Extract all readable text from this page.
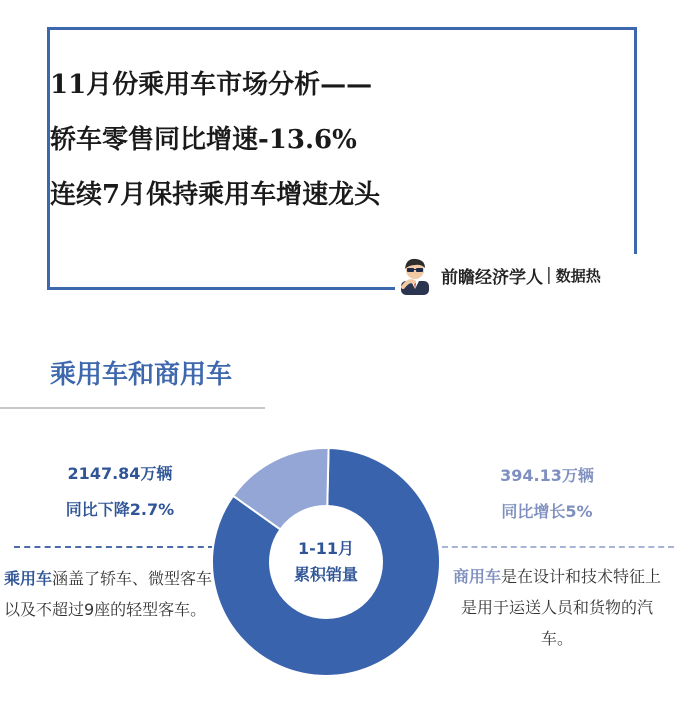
11月份乘用车市场分析——
轿车零售同比增速-13.6%
连续7月保持乘用车增速龙头
前瞻经济学人 | 数据热
乘用车和商用车
2147.84万辆
同比下降2.7%
394.13万辆
同比增长5%
乘用车涵盖了轿车、微型客车以及不超过9座的轻型客车。
商用车是在设计和技术特征上是用于运送人员和货物的汽车。
1-11月
累积销量
